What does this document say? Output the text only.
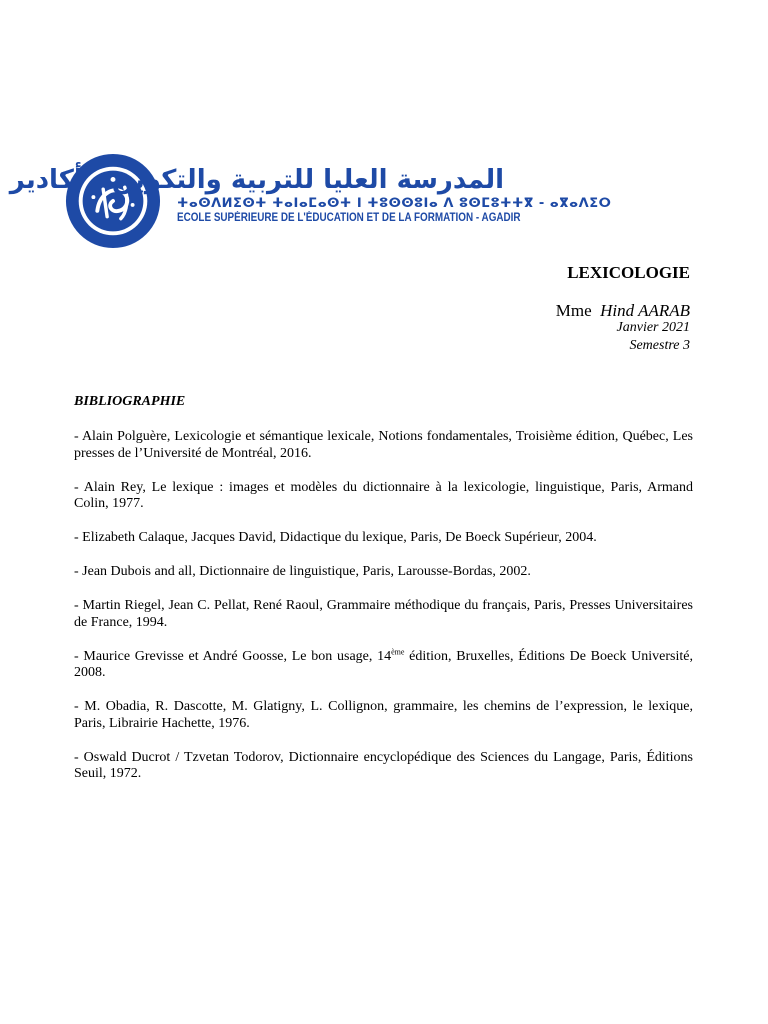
المدرسة العليا للتربية والتكوين - أكادير
ⵜⴰⵙⴷⵍⵉⵙⵜ ⵜⴰⵏⴰⵎⴰⵙⵜ ⵏ ⵜⵓⵙⵙⵓⵏⴰ ⴷ ⵓⵙⵎⵓⵜⵜⴳ - ⴰⴳⴰⴷⵉⵔ
ECOLE SUPÉRIEURE DE L'ÉDUCATION ET DE LA FORMATION - AGADIR
LEXICOLOGIE
Mme Hind AARAB
Janvier 2021
Semestre 3
BIBLIOGRAPHIE

- Alain Polguère, Lexicologie et sémantique lexicale, Notions fondamentales, Troisième édition, Québec, Les presses de l’Université de Montréal, 2016.

- Alain Rey, Le lexique : images et modèles du dictionnaire à la lexicologie, linguistique, Paris, Armand Colin, 1977.

- Elizabeth Calaque, Jacques David, Didactique du lexique, Paris, De Boeck Supérieur, 2004.

- Jean Dubois and all, Dictionnaire de linguistique, Paris, Larousse-Bordas, 2002.

- Martin Riegel, Jean C. Pellat, René Raoul, Grammaire méthodique du français, Paris, Presses Universitaires de France, 1994.

- Maurice Grevisse et André Goosse, Le bon usage, 14ème édition, Bruxelles, Éditions De Boeck Université, 2008.

- M. Obadia, R. Dascotte, M. Glatigny, L. Collignon, grammaire, les chemins de l’expression, le lexique, Paris, Librairie Hachette, 1976.

- Oswald Ducrot / Tzvetan Todorov, Dictionnaire encyclopédique des Sciences du Langage, Paris, Éditions Seuil, 1972.
